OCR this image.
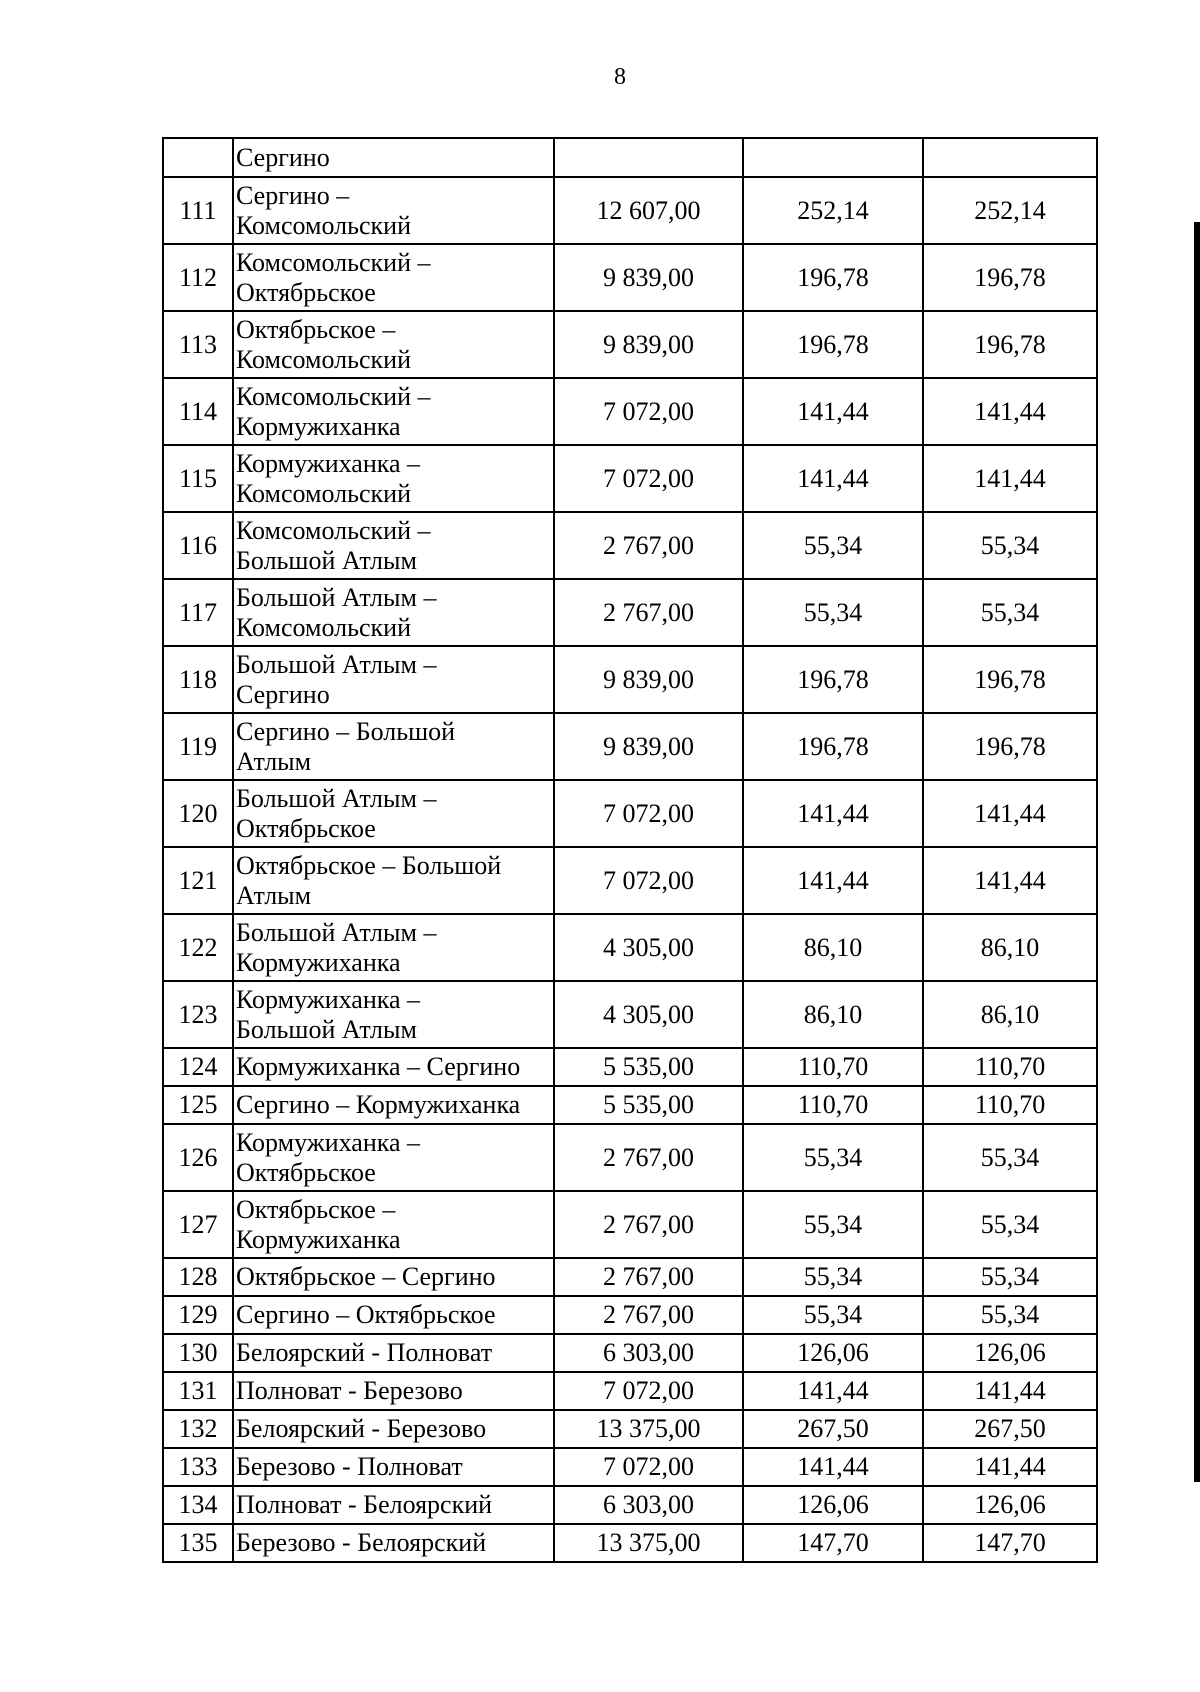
8

	Сергино			

111	Сергино –
Комсомольский	12 607,00	252,14	252,14
112	Комсомольский –
Октябрьское	9 839,00	196,78	196,78
113	Октябрьское –
Комсомольский	9 839,00	196,78	196,78
114	Комсомольский –
Кормужиханка	7 072,00	141,44	141,44
115	Кормужиханка –
Комсомольский	7 072,00	141,44	141,44
116	Комсомольский –
Большой Атлым	2 767,00	55,34	55,34
117	Большой Атлым –
Комсомольский	2 767,00	55,34	55,34
118	Большой Атлым –
Сергино	9 839,00	196,78	196,78
119	Сергино – Большой
Атлым	9 839,00	196,78	196,78
120	Большой Атлым –
Октябрьское	7 072,00	141,44	141,44
121	Октябрьское – Большой
Атлым	7 072,00	141,44	141,44
122	Большой Атлым –
Кормужиханка	4 305,00	86,10	86,10
123	Кормужиханка –
Большой Атлым	4 305,00	86,10	86,10
124	Кормужиханка – Сергино	5 535,00	110,70	110,70
125	Сергино – Кормужиханка	5 535,00	110,70	110,70
126	Кормужиханка –
Октябрьское	2 767,00	55,34	55,34
127	Октябрьское –
Кормужиханка	2 767,00	55,34	55,34
128	Октябрьское – Сергино	2 767,00	55,34	55,34
129	Сергино – Октябрьское	2 767,00	55,34	55,34
130	Белоярский - Полноват	6 303,00	126,06	126,06
131	Полноват - Березово	7 072,00	141,44	141,44
132	Белоярский - Березово	13 375,00	267,50	267,50
133	Березово - Полноват	7 072,00	141,44	141,44
134	Полноват - Белоярский	6 303,00	126,06	126,06
135	Березово - Белоярский	13 375,00	147,70	147,70
